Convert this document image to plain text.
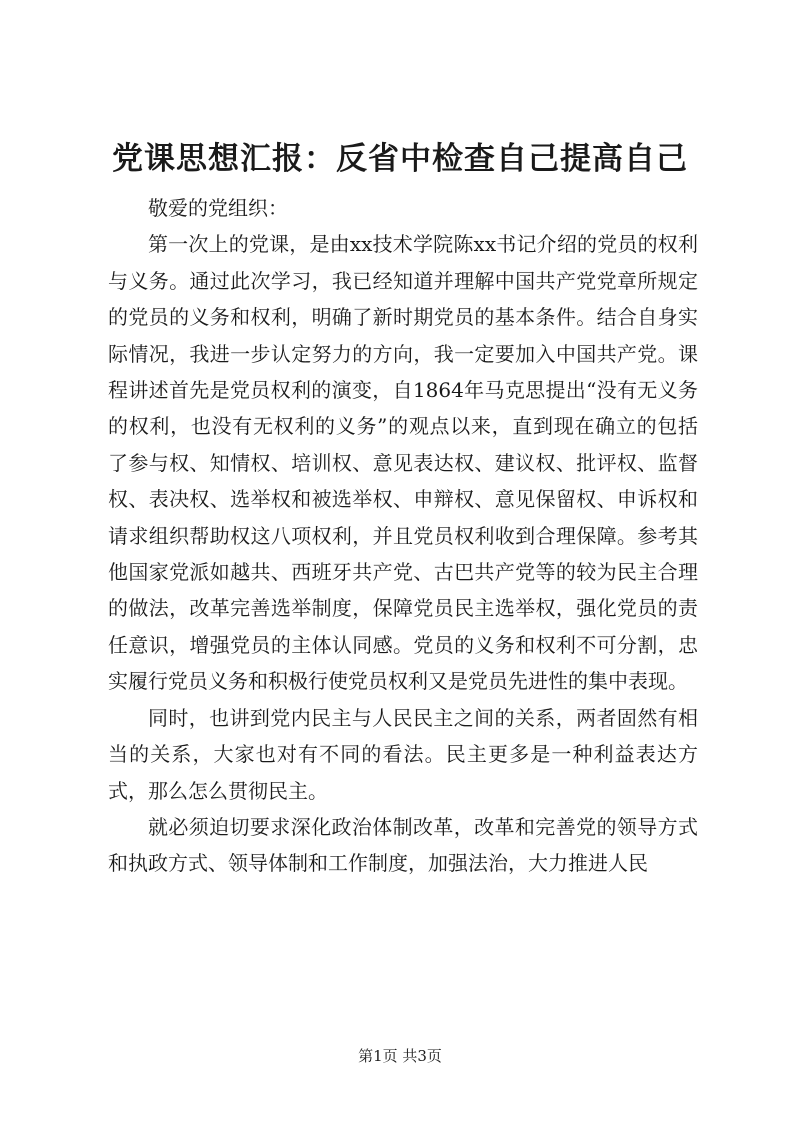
党课思想汇报：反省中检查自己提高自己

敬爱的党组织：

第一次上的党课，是由xx技术学院陈xx书记介绍的党员的权利与义务。通过此次学习，我已经知道并理解中国共产党党章所规定的党员的义务和权利，明确了新时期党员的基本条件。结合自身实际情况，我进一步认定努力的方向，我一定要加入中国共产党。课程讲述首先是党员权利的演变，自1864年马克思提出“没有无义务的权利，也没有无权利的义务”的观点以来，直到现在确立的包括了参与权、知情权、培训权、意见表达权、建议权、批评权、监督权、表决权、选举权和被选举权、申辩权、意见保留权、申诉权和请求组织帮助权这八项权利，并且党员权利收到合理保障。参考其他国家党派如越共、西班牙共产党、古巴共产党等的较为民主合理的做法，改革完善选举制度，保障党员民主选举权，强化党员的责任意识，增强党员的主体认同感。党员的义务和权利不可分割，忠实履行党员义务和积极行使党员权利又是党员先进性的集中表现。

同时，也讲到党内民主与人民民主之间的关系，两者固然有相当的关系，大家也对有不同的看法。民主更多是一种利益表达方式，那么怎么贯彻民主。

就必须迫切要求深化政治体制改革，改革和完善党的领导方式和执政方式、领导体制和工作制度，加强法治，大力推进人民

第1页 共3页
